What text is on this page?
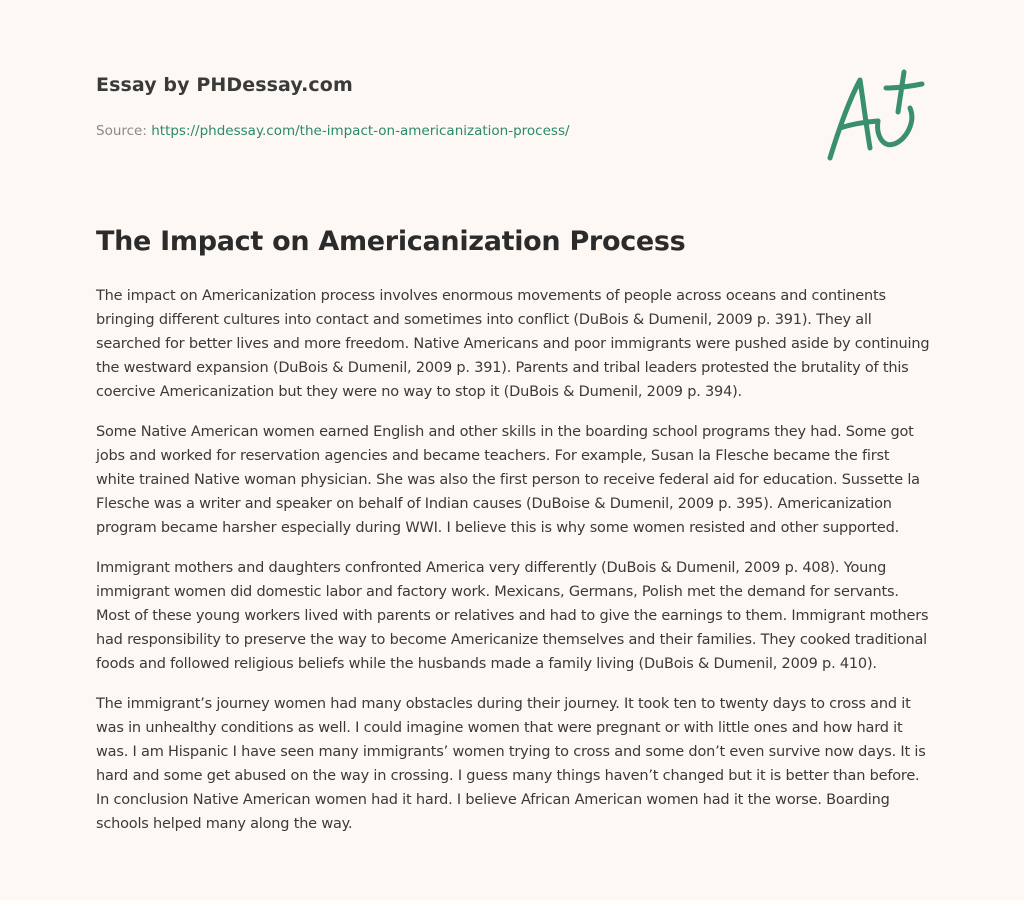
Essay by PHDessay.com
Source: https://phdessay.com/the-impact-on-americanization-process/
The Impact on Americanization Process

The impact on Americanization process involves enormous movements of people across oceans and continents bringing different cultures into contact and sometimes into conflict (DuBois & Dumenil, 2009 p. 391). They all searched for better lives and more freedom. Native Americans and poor immigrants were pushed aside by continuing the westward expansion (DuBois & Dumenil, 2009 p. 391). Parents and tribal leaders protested the brutality of this coercive Americanization but they were no way to stop it (DuBois & Dumenil, 2009 p. 394).

Some Native American women earned English and other skills in the boarding school programs they had. Some got jobs and worked for reservation agencies and became teachers. For example, Susan la Flesche became the first white trained Native woman physician. She was also the first person to receive federal aid for education. Sussette la Flesche was a writer and speaker on behalf of Indian causes (DuBoise & Dumenil, 2009 p. 395). Americanization program became harsher especially during WWI. I believe this is why some women resisted and other supported.

Immigrant mothers and daughters confronted America very differently (DuBois & Dumenil, 2009 p. 408). Young immigrant women did domestic labor and factory work. Mexicans, Germans, Polish met the demand for servants. Most of these young workers lived with parents or relatives and had to give the earnings to them. Immigrant mothers had responsibility to preserve the way to become Americanize themselves and their families. They cooked traditional foods and followed religious beliefs while the husbands made a family living (DuBois & Dumenil, 2009 p. 410).

The immigrant’s journey women had many obstacles during their journey. It took ten to twenty days to cross and it was in unhealthy conditions as well. I could imagine women that were pregnant or with little ones and how hard it was. I am Hispanic I have seen many immigrants’ women trying to cross and some don’t even survive now days. It is hard and some get abused on the way in crossing. I guess many things haven’t changed but it is better than before. In conclusion Native American women had it hard. I believe African American women had it the worse. Boarding schools helped many along the way.
